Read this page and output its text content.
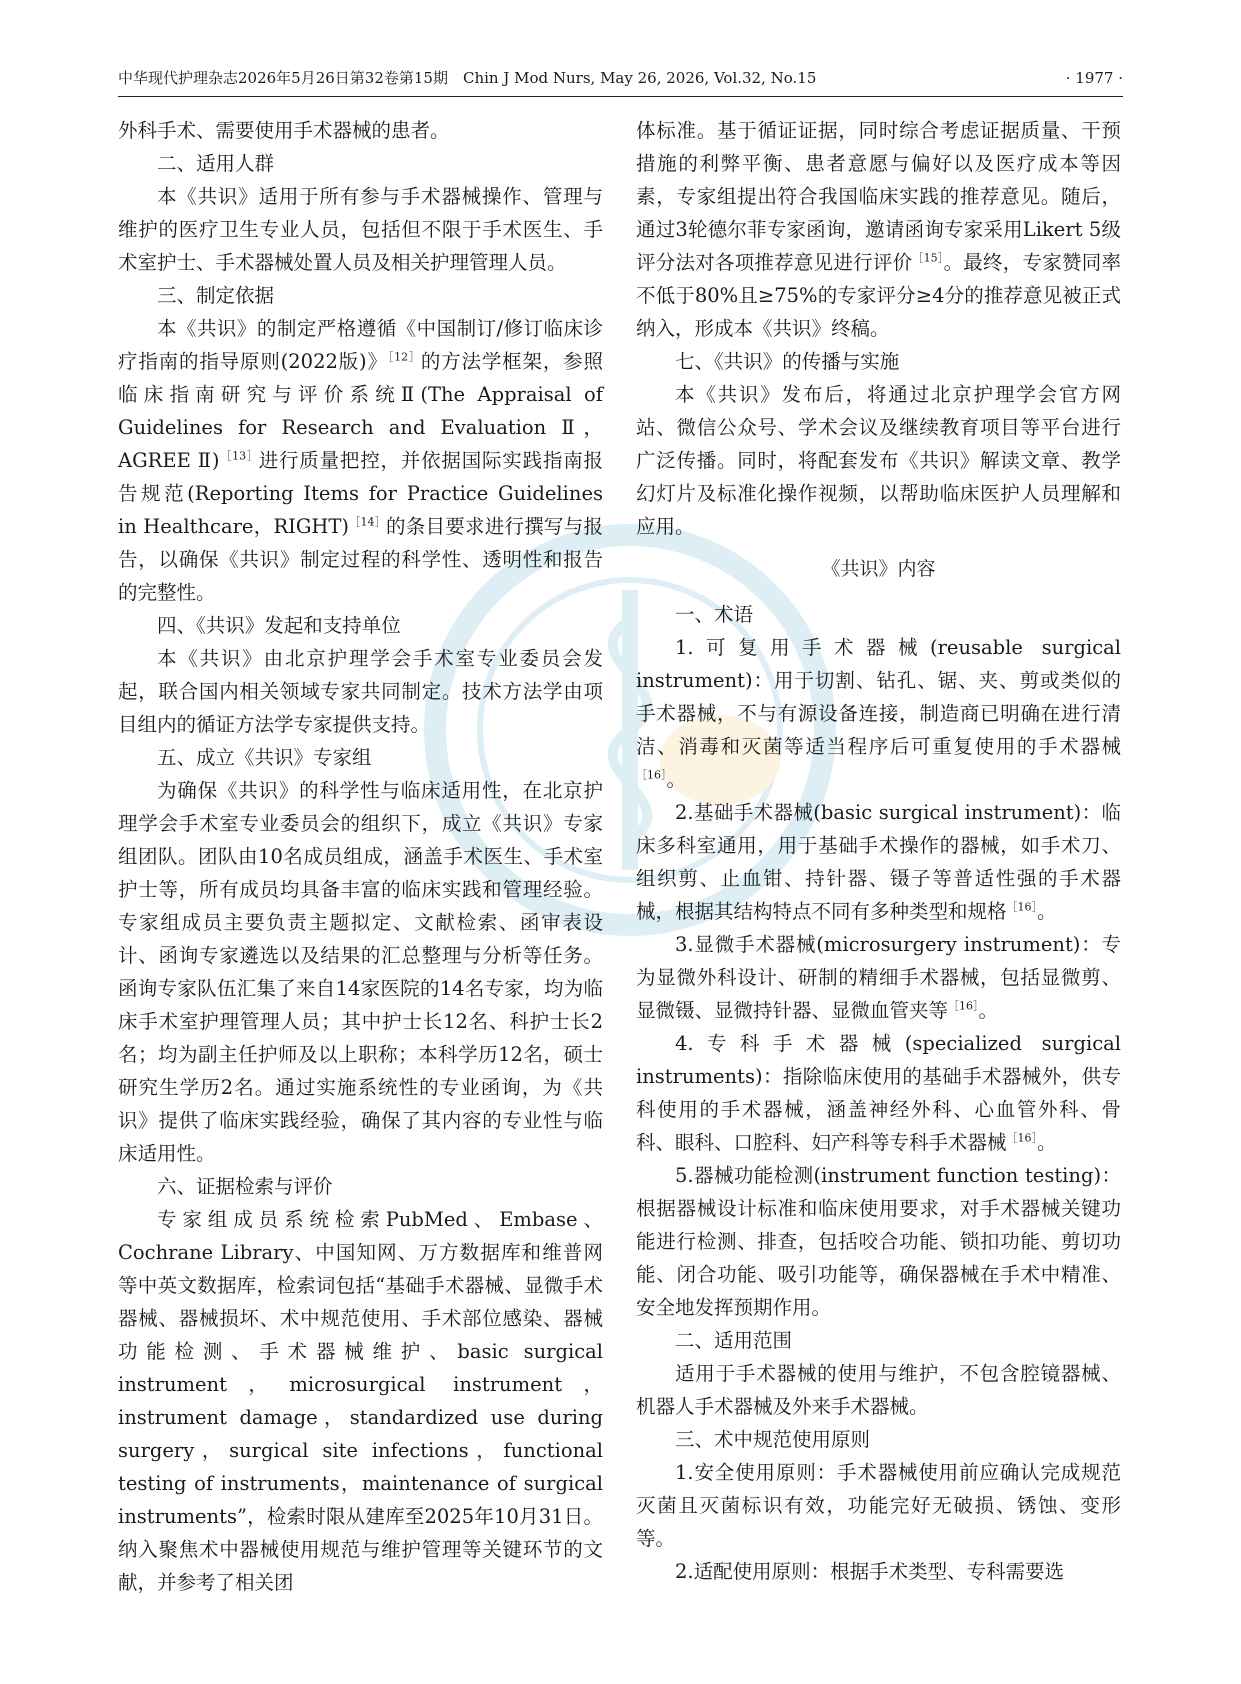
中华现代护理杂志2026年5月26日第32卷第15期　Chin J Mod Nurs, May 26, 2026, Vol.32, No.15	· 1977 ·

外科手术、需要使用手术器械的患者。

二、适用人群

本《共识》适用于所有参与手术器械操作、管理与维护的医疗卫生专业人员，包括但不限于手术医生、手术室护士、手术器械处置人员及相关护理管理人员。

三、制定依据

本《共识》的制定严格遵循《中国制订/修订临床诊疗指南的指导原则(2022版)》$^{[12]}$的方法学框架，参照临床指南研究与评价系统Ⅱ(The Appraisal of Guidelines for Research and Evaluation Ⅱ，AGREE Ⅱ)$^{[13]}$进行质量把控，并依据国际实践指南报告规范(Reporting Items for Practice Guidelines in Healthcare，RIGHT)$^{[14]}$的条目要求进行撰写与报告，以确保《共识》制定过程的科学性、透明性和报告的完整性。

四、《共识》发起和支持单位

本《共识》由北京护理学会手术室专业委员会发起，联合国内相关领域专家共同制定。技术方法学由项目组内的循证方法学专家提供支持。

五、成立《共识》专家组

为确保《共识》的科学性与临床适用性，在北京护理学会手术室专业委员会的组织下，成立《共识》专家组团队。团队由10名成员组成，涵盖手术医生、手术室护士等，所有成员均具备丰富的临床实践和管理经验。专家组成员主要负责主题拟定、文献检索、函审表设计、函询专家遴选以及结果的汇总整理与分析等任务。函询专家队伍汇集了来自14家医院的14名专家，均为临床手术室护理管理人员；其中护士长12名、科护士长2名；均为副主任护师及以上职称；本科学历12名，硕士研究生学历2名。通过实施系统性的专业函询，为《共识》提供了临床实践经验，确保了其内容的专业性与临床适用性。

六、证据检索与评价

专家组成员系统检索PubMed、Embase、Cochrane Library、中国知网、万方数据库和维普网等中英文数据库，检索词包括“基础手术器械、显微手术器械、器械损坏、术中规范使用、手术部位感染、器械功能检测、手术器械维护、basic surgical instrument，microsurgical instrument，instrument damage，standardized use during surgery，surgical site infections，functional testing of instruments，maintenance of surgical instruments”，检索时限从建库至2025年10月31日。纳入聚焦术中器械使用规范与维护管理等关键环节的文献，并参考了相关团

体标准。基于循证证据，同时综合考虑证据质量、干预措施的利弊平衡、患者意愿与偏好以及医疗成本等因素，专家组提出符合我国临床实践的推荐意见。随后，通过3轮德尔菲专家函询，邀请函询专家采用Likert 5级评分法对各项推荐意见进行评价$^{[15]}$。最终，专家赞同率不低于80%且≥75%的专家评分≥4分的推荐意见被正式纳入，形成本《共识》终稿。

七、《共识》的传播与实施

本《共识》发布后，将通过北京护理学会官方网站、微信公众号、学术会议及继续教育项目等平台进行广泛传播。同时，将配套发布《共识》解读文章、教学幻灯片及标准化操作视频，以帮助临床医护人员理解和应用。

《共识》内容

一、术语

1.可复用手术器械(reusable surgical instrument)：用于切割、钻孔、锯、夹、剪或类似的手术器械，不与有源设备连接，制造商已明确在进行清洁、消毒和灭菌等适当程序后可重复使用的手术器械$^{[16]}$。

2.基础手术器械(basic surgical instrument)：临床多科室通用，用于基础手术操作的器械，如手术刀、组织剪、止血钳、持针器、镊子等普适性强的手术器械，根据其结构特点不同有多种类型和规格$^{[16]}$。

3.显微手术器械(microsurgery instrument)：专为显微外科设计、研制的精细手术器械，包括显微剪、显微镊、显微持针器、显微血管夹等$^{[16]}$。

4.专科手术器械(specialized surgical instruments)：指除临床使用的基础手术器械外，供专科使用的手术器械，涵盖神经外科、心血管外科、骨科、眼科、口腔科、妇产科等专科手术器械$^{[16]}$。

5.器械功能检测(instrument function testing)：根据器械设计标准和临床使用要求，对手术器械关键功能进行检测、排查，包括咬合功能、锁扣功能、剪切功能、闭合功能、吸引功能等，确保器械在手术中精准、安全地发挥预期作用。

二、适用范围

适用于手术器械的使用与维护，不包含腔镜器械、机器人手术器械及外来手术器械。

三、术中规范使用原则

1.安全使用原则：手术器械使用前应确认完成规范灭菌且灭菌标识有效，功能完好无破损、锈蚀、变形等。

2.适配使用原则：根据手术类型、专科需要选
